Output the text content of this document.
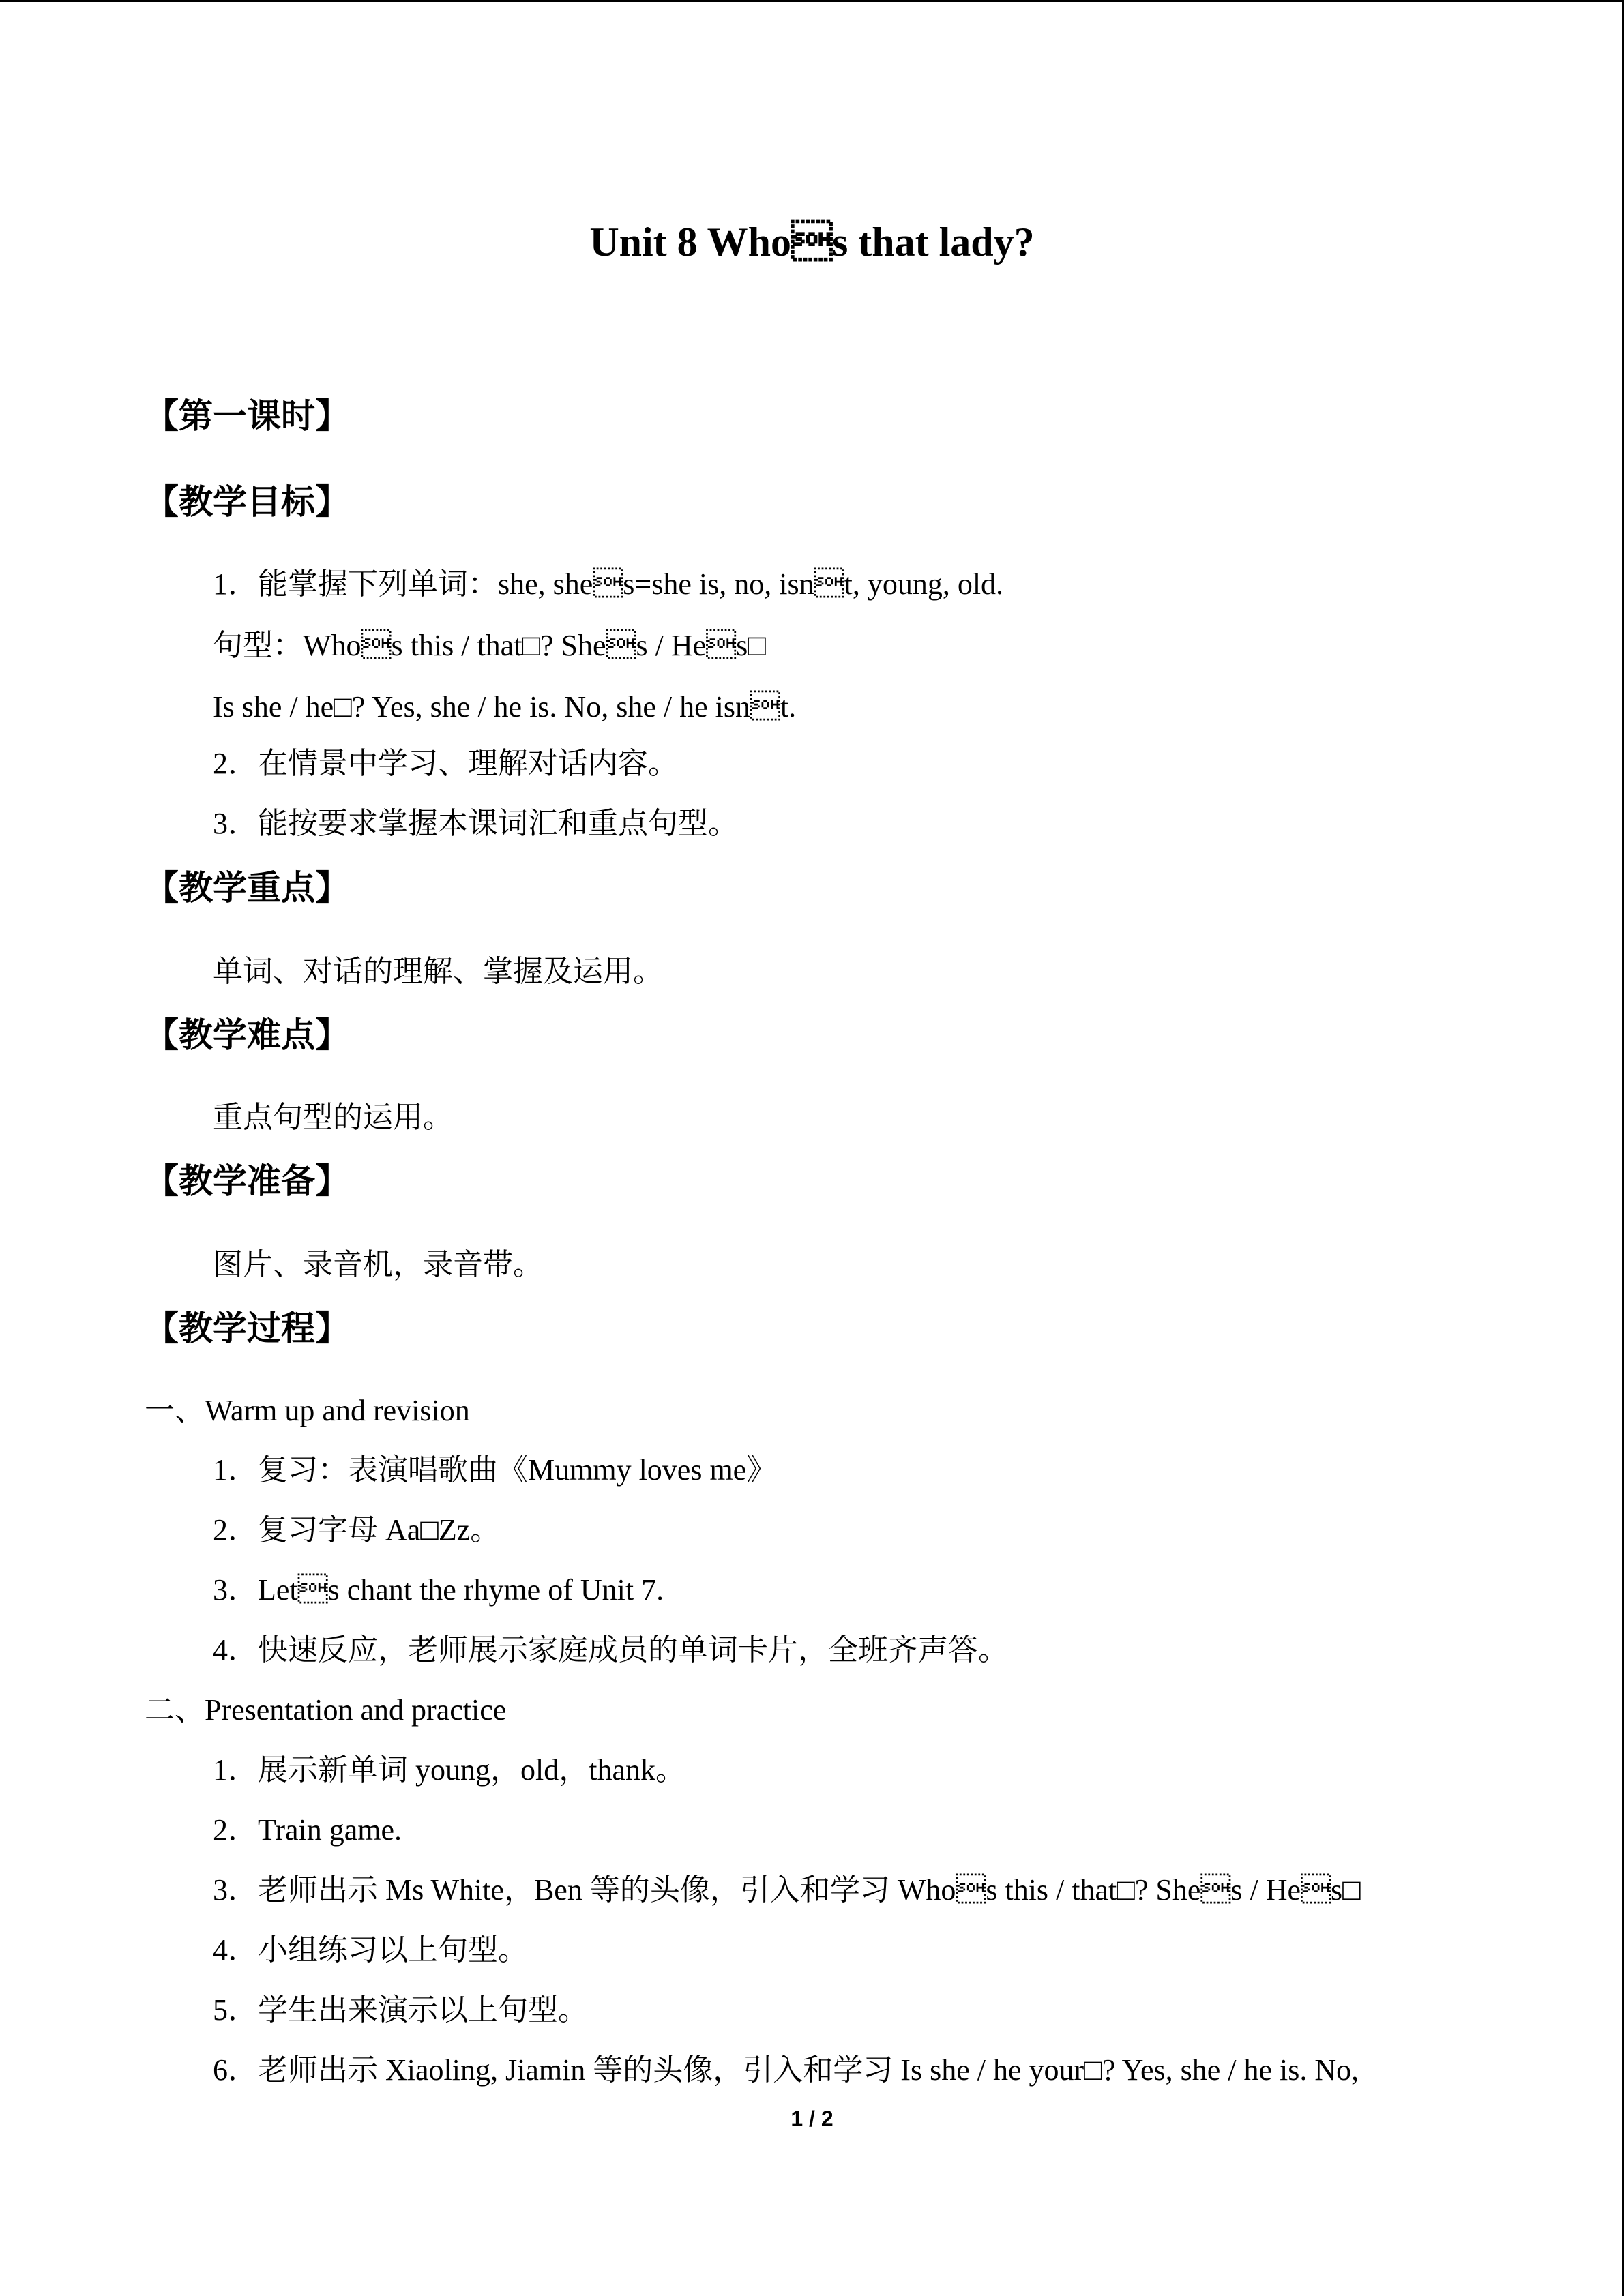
Unit 8 Whos that lady?
【第一课时】
【教学目标】
1．能掌握下列单词：she, shes=she is, no, isnt, young, old.
句型：Whos this / that□? Shes / Hes□
Is she / he□? Yes, she / he is. No, she / he isnt.
2．在情景中学习、理解对话内容。
3．能按要求掌握本课词汇和重点句型。
【教学重点】
单词、对话的理解、掌握及运用。
【教学难点】
重点句型的运用。
【教学准备】
图片、录音机，录音带。
【教学过程】
一、Warm up and revision
1．复习：表演唱歌曲《Mummy loves me》
2．复习字母 Aa□Zz。
3．Lets chant the rhyme of Unit 7.
4．快速反应，老师展示家庭成员的单词卡片，全班齐声答。
二、Presentation and practice
1．展示新单词 young，old，thank。
2．Train game.
3．老师出示 Ms White，Ben 等的头像，引入和学习 Whos this / that□? Shes / Hes□
4．小组练习以上句型。
5．学生出来演示以上句型。
6．老师出示 Xiaoling, Jiamin 等的头像，引入和学习 Is she / he your□? Yes, she / he is. No,
1 / 2
